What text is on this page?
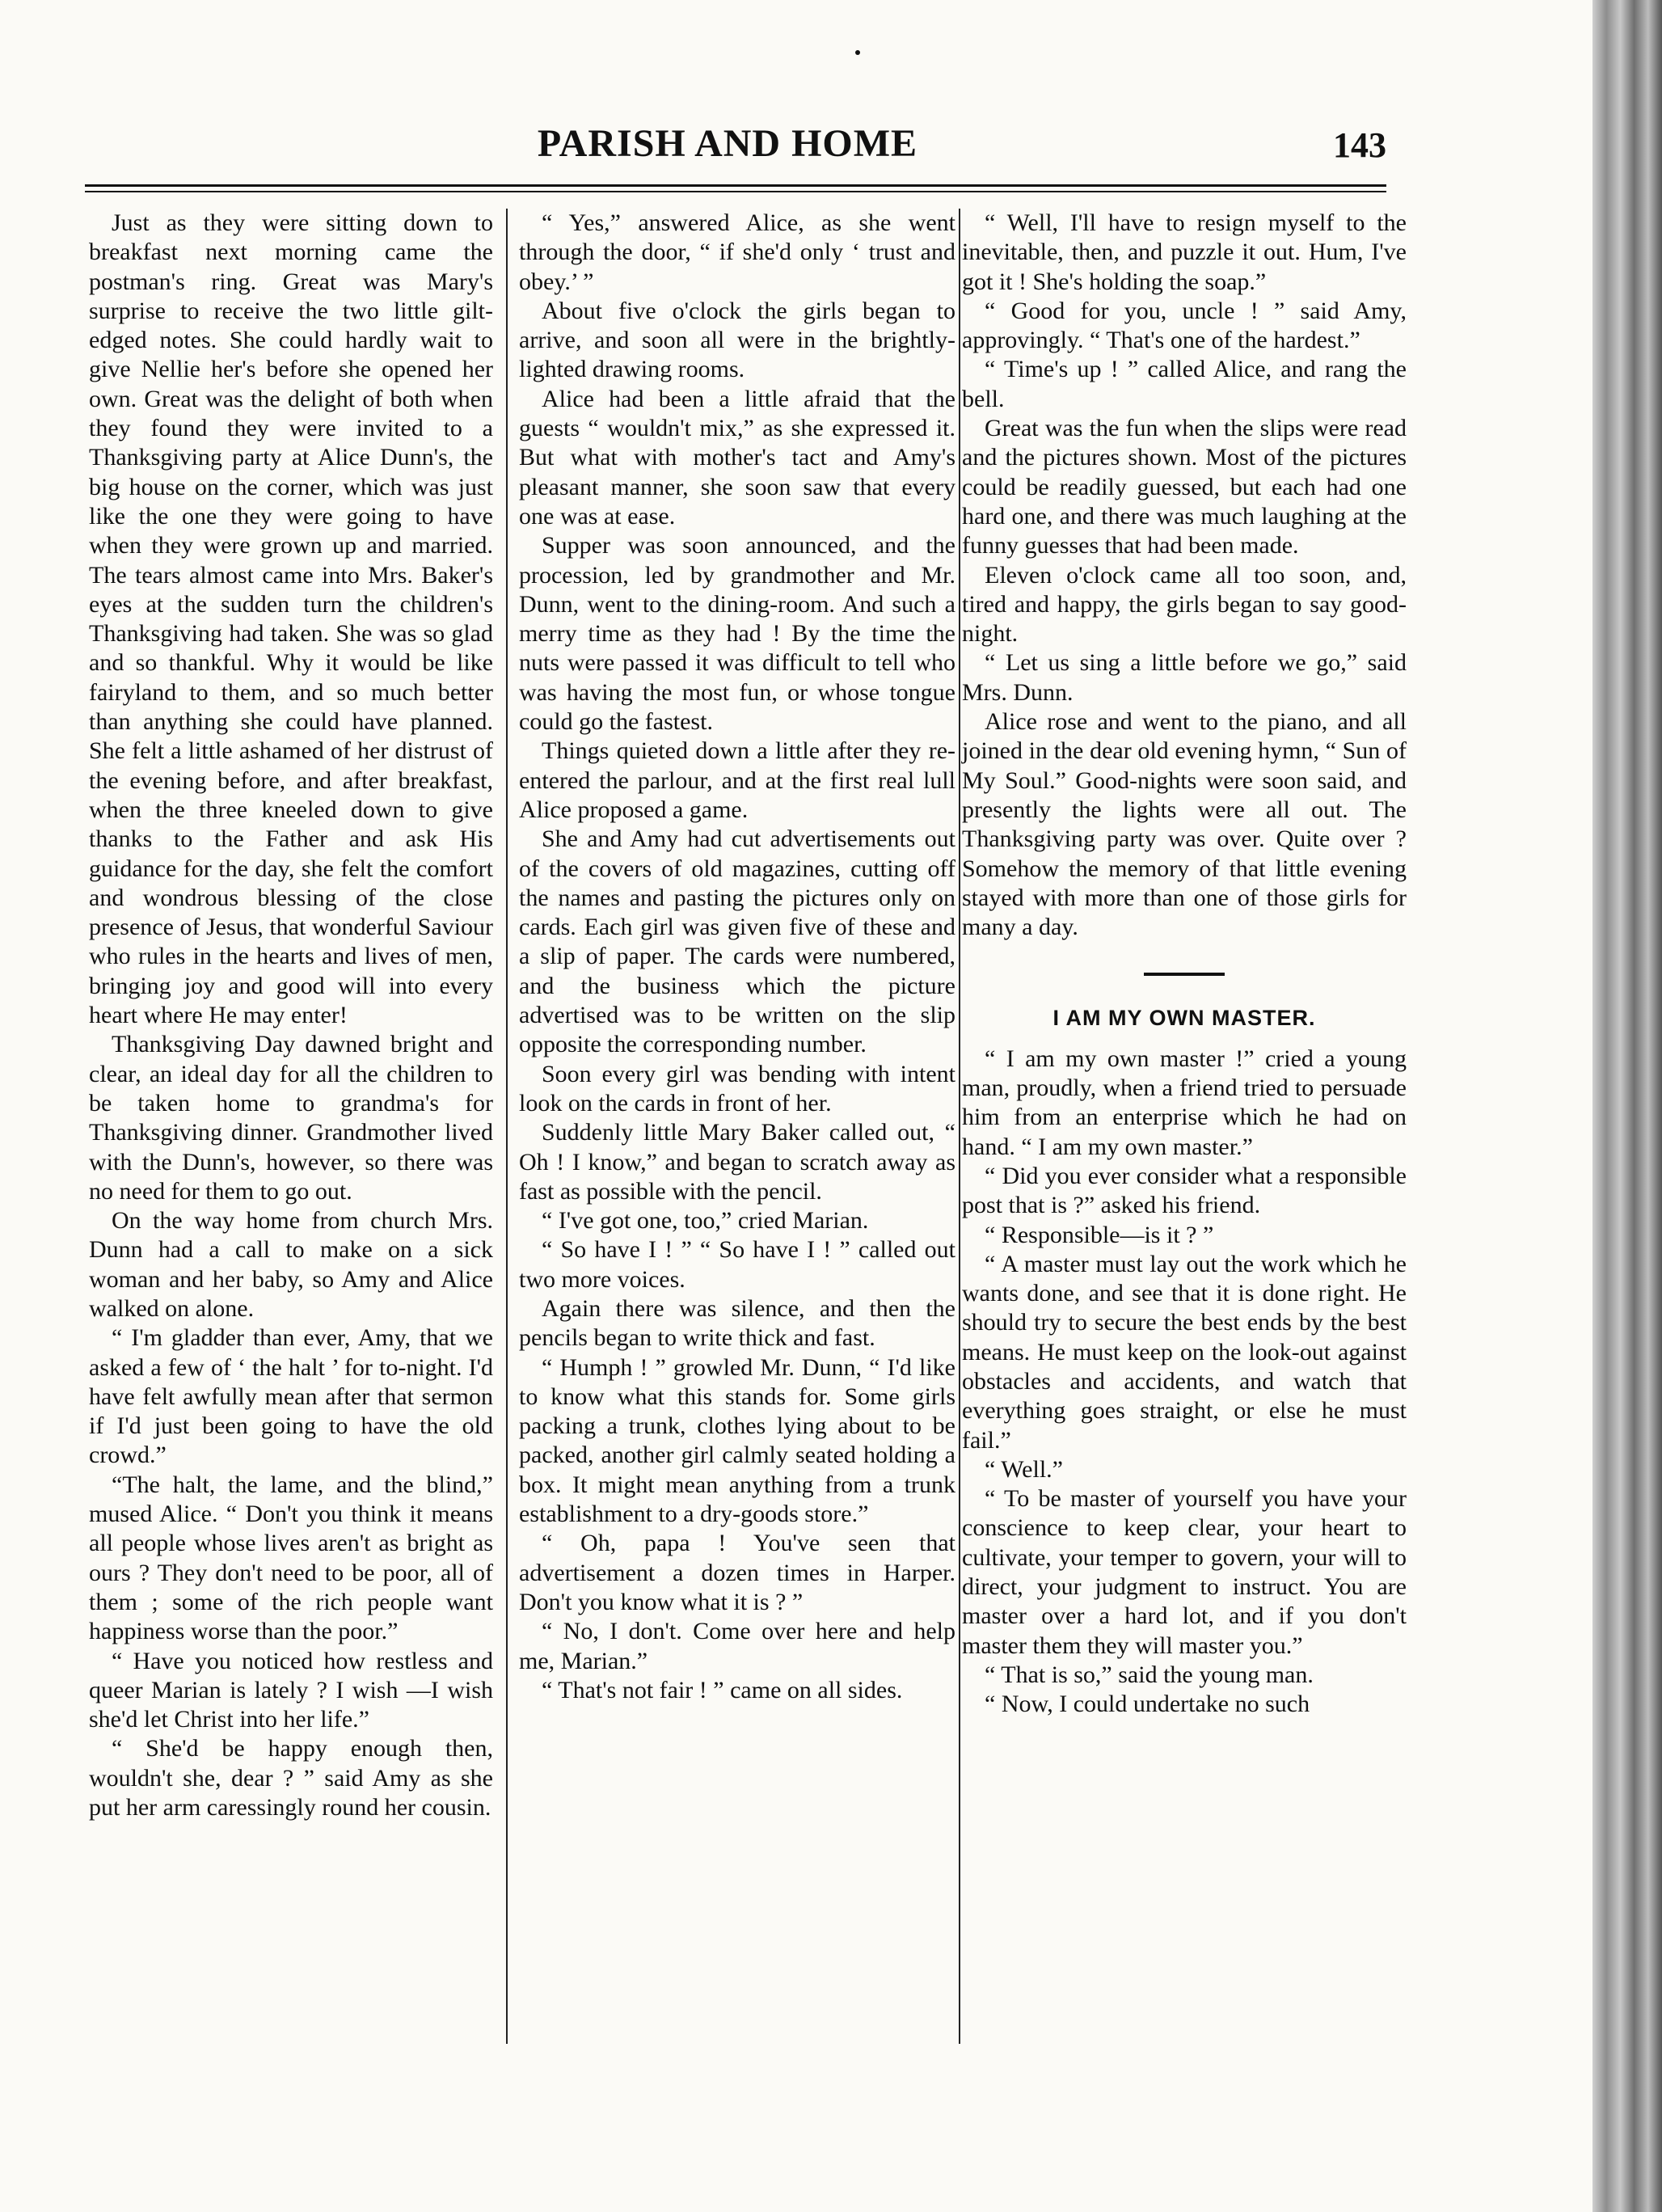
PARISH AND HOME	143

Just as they were sitting down to breakfast next morning came the postman's ring. Great was Mary's surprise to receive the two little gilt-edged notes. She could hardly wait to give Nellie her's before she opened her own. Great was the delight of both when they found they were invited to a Thanksgiving party at Alice Dunn's, the big house on the corner, which was just like the one they were going to have when they were grown up and married. The tears almost came into Mrs. Baker's eyes at the sudden turn the children's Thanksgiving had taken. She was so glad and so thankful. Why it would be like fairyland to them, and so much better than anything she could have planned. She felt a little ashamed of her distrust of the evening before, and after breakfast, when the three kneeled down to give thanks to the Father and ask His guidance for the day, she felt the comfort and wondrous blessing of the close presence of Jesus, that wonderful Saviour who rules in the hearts and lives of men, bringing joy and good will into every heart where He may enter!

Thanksgiving Day dawned bright and clear, an ideal day for all the children to be taken home to grandma's for Thanksgiving dinner. Grandmother lived with the Dunn's, however, so there was no need for them to go out.

On the way home from church Mrs. Dunn had a call to make on a sick woman and her baby, so Amy and Alice walked on alone.

“ I'm gladder than ever, Amy, that we asked a few of ‘ the halt ’ for to-night. I'd have felt awfully mean after that sermon if I'd just been going to have the old crowd.”

“The halt, the lame, and the blind,” mused Alice. “ Don't you think it means all people whose lives aren't as bright as ours ? They don't need to be poor, all of them ; some of the rich people want happiness worse than the poor.”

“ Have you noticed how restless and queer Marian is lately ? I wish —I wish she'd let Christ into her life.”

“ She'd be happy enough then, wouldn't she, dear ? ” said Amy as she put her arm caressingly round her cousin.

“ Yes,” answered Alice, as she went through the door, “ if she'd only ‘ trust and obey.’ ”

About five o'clock the girls began to arrive, and soon all were in the brightly-lighted drawing rooms.

Alice had been a little afraid that the guests “ wouldn't mix,” as she expressed it. But what with mother's tact and Amy's pleasant manner, she soon saw that every one was at ease.

Supper was soon announced, and the procession, led by grandmother and Mr. Dunn, went to the dining-room. And such a merry time as they had ! By the time the nuts were passed it was difficult to tell who was having the most fun, or whose tongue could go the fastest.

Things quieted down a little after they re-entered the parlour, and at the first real lull Alice proposed a game.

She and Amy had cut advertisements out of the covers of old magazines, cutting off the names and pasting the pictures only on cards. Each girl was given five of these and a slip of paper. The cards were numbered, and the business which the picture advertised was to be written on the slip opposite the corresponding number.

Soon every girl was bending with intent look on the cards in front of her.

Suddenly little Mary Baker called out, “ Oh ! I know,” and began to scratch away as fast as possible with the pencil.

“ I've got one, too,” cried Marian.

“ So have I ! ” “ So have I ! ” called out two more voices.

Again there was silence, and then the pencils began to write thick and fast.

“ Humph ! ” growled Mr. Dunn, “ I'd like to know what this stands for. Some girls packing a trunk, clothes lying about to be packed, another girl calmly seated holding a box. It might mean anything from a trunk establishment to a dry-goods store.”

“ Oh, papa ! You've seen that advertisement a dozen times in Harper. Don't you know what it is ? ”

“ No, I don't. Come over here and help me, Marian.”

“ That's not fair ! ” came on all sides.

“ Well, I'll have to resign myself to the inevitable, then, and puzzle it out. Hum, I've got it ! She's holding the soap.”

“ Good for you, uncle ! ” said Amy, approvingly. “ That's one of the hardest.”

“ Time's up ! ” called Alice, and rang the bell.

Great was the fun when the slips were read and the pictures shown. Most of the pictures could be readily guessed, but each had one hard one, and there was much laughing at the funny guesses that had been made.

Eleven o'clock came all too soon, and, tired and happy, the girls began to say good-night.

“ Let us sing a little before we go,” said Mrs. Dunn.

Alice rose and went to the piano, and all joined in the dear old evening hymn, “ Sun of My Soul.” Good-nights were soon said, and presently the lights were all out. The Thanksgiving party was over. Quite over ? Somehow the memory of that little evening stayed with more than one of those girls for many a day.

I AM MY OWN MASTER.

“ I am my own master !” cried a young man, proudly, when a friend tried to persuade him from an enterprise which he had on hand. “ I am my own master.”

“ Did you ever consider what a responsible post that is ?” asked his friend.

“ Responsible—is it ? ”

“ A master must lay out the work which he wants done, and see that it is done right. He should try to secure the best ends by the best means. He must keep on the look-out against obstacles and accidents, and watch that everything goes straight, or else he must fail.”

“ Well.”

“ To be master of yourself you have your conscience to keep clear, your heart to cultivate, your temper to govern, your will to direct, your judgment to instruct. You are master over a hard lot, and if you don't master them they will master you.”

“ That is so,” said the young man.

“ Now, I could undertake no such
